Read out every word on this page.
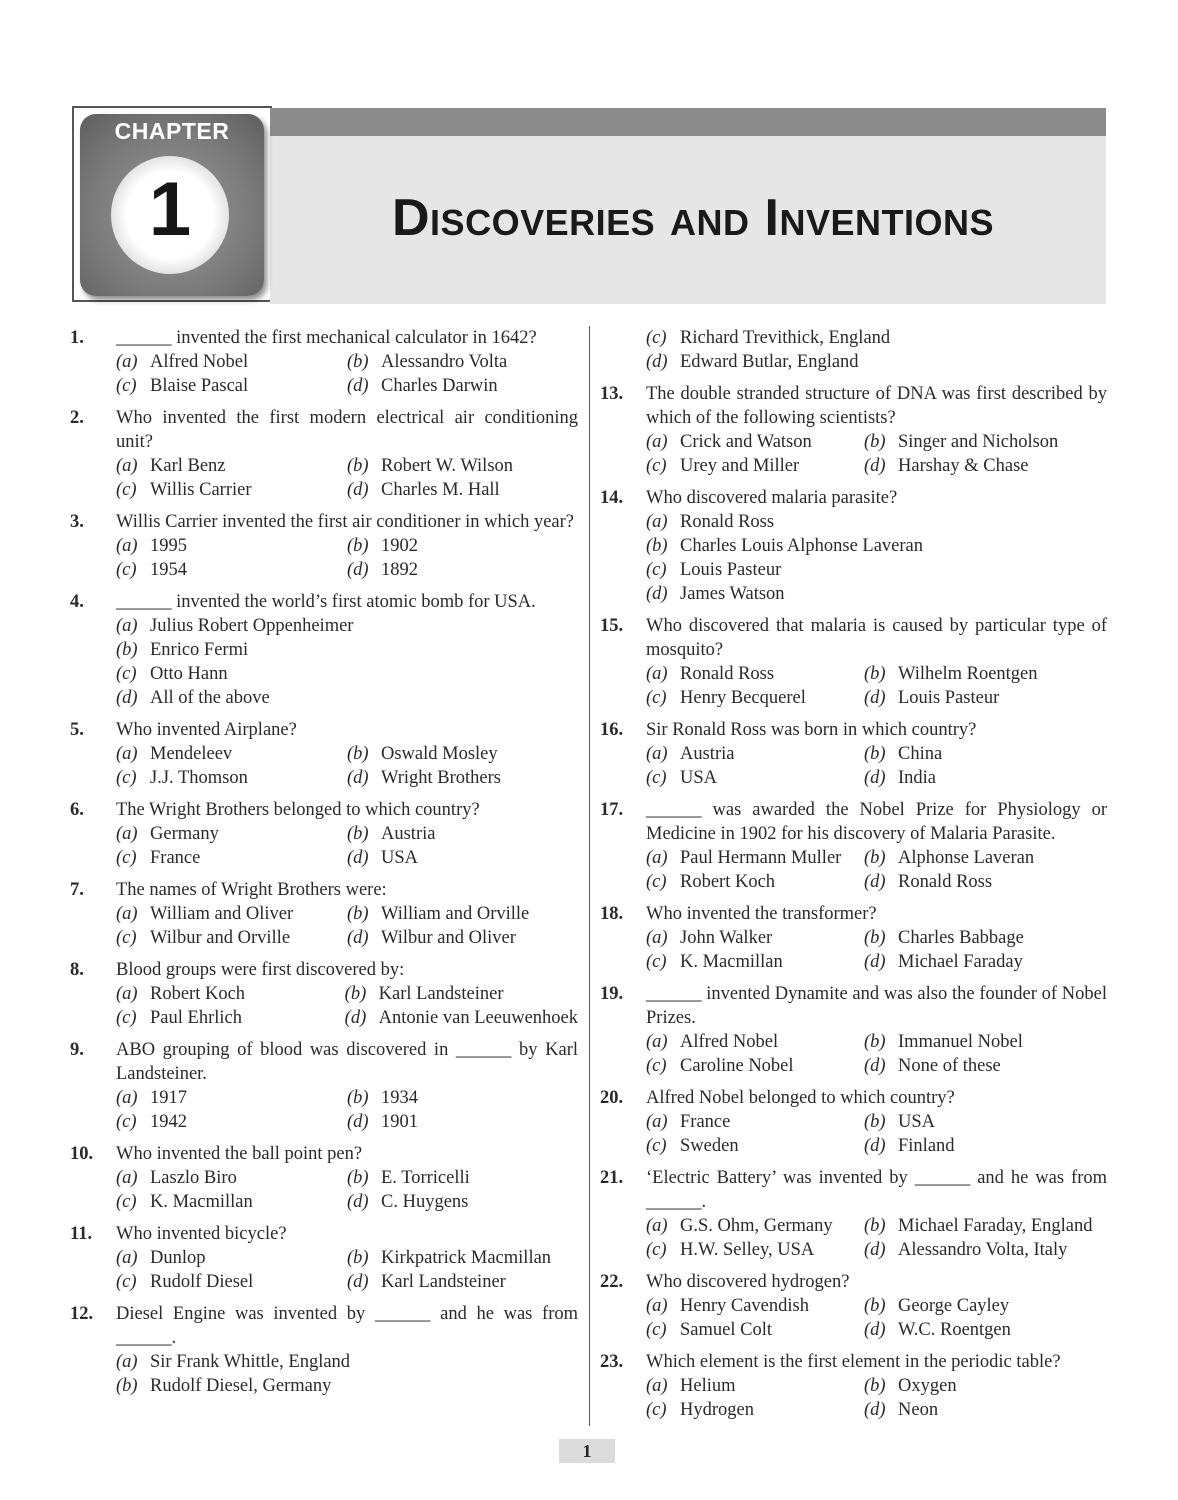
CHAPTER
1	Discoveries and Inventions
1.	______ invented the first mechanical calculator in 1642?
(a) Alfred Nobel	(b) Alessandro Volta
(c) Blaise Pascal	(d) Charles Darwin
2.	Who invented the first modern electrical air conditioning unit?
(a) Karl Benz	(b) Robert W. Wilson
(c) Willis Carrier	(d) Charles M. Hall
3.	Willis Carrier invented the first air conditioner in which year?
(a) 1995	(b) 1902
(c) 1954	(d) 1892
4.	______ invented the world’s first atomic bomb for USA.
(a) Julius Robert Oppenheimer
(b) Enrico Fermi
(c) Otto Hann
(d) All of the above
5.	Who invented Airplane?
(a) Mendeleev	(b) Oswald Mosley
(c) J.J. Thomson	(d) Wright Brothers
6.	The Wright Brothers belonged to which country?
(a) Germany	(b) Austria
(c) France	(d) USA
7.	The names of Wright Brothers were:
(a) William and Oliver	(b) William and Orville
(c) Wilbur and Orville	(d) Wilbur and Oliver
8.	Blood groups were first discovered by:
(a) Robert Koch	(b) Karl Landsteiner
(c) Paul Ehrlich	(d) Antonie van Leeuwenhoek
9.	ABO grouping of blood was discovered in ______ by Karl Landsteiner.
(a) 1917	(b) 1934
(c) 1942	(d) 1901
10.	Who invented the ball point pen?
(a) Laszlo Biro	(b) E. Torricelli
(c) K. Macmillan	(d) C. Huygens
11.	Who invented bicycle?
(a) Dunlop	(b) Kirkpatrick Macmillan
(c) Rudolf Diesel	(d) Karl Landsteiner
12.	Diesel Engine was invented by ______ and he was from ______.
(a) Sir Frank Whittle, England
(b) Rudolf Diesel, Germany
(c) Richard Trevithick, England
(d) Edward Butlar, England
13.	The double stranded structure of DNA was first described by which of the following scientists?
(a) Crick and Watson	(b) Singer and Nicholson
(c) Urey and Miller	(d) Harshay & Chase
14.	Who discovered malaria parasite?
(a) Ronald Ross
(b) Charles Louis Alphonse Laveran
(c) Louis Pasteur
(d) James Watson
15.	Who discovered that malaria is caused by particular type of mosquito?
(a) Ronald Ross	(b) Wilhelm Roentgen
(c) Henry Becquerel	(d) Louis Pasteur
16.	Sir Ronald Ross was born in which country?
(a) Austria	(b) China
(c) USA	(d) India
17.	______ was awarded the Nobel Prize for Physiology or Medicine in 1902 for his discovery of Malaria Parasite.
(a) Paul Hermann Muller	(b) Alphonse Laveran
(c) Robert Koch	(d) Ronald Ross
18.	Who invented the transformer?
(a) John Walker	(b) Charles Babbage
(c) K. Macmillan	(d) Michael Faraday
19.	______ invented Dynamite and was also the founder of Nobel Prizes.
(a) Alfred Nobel	(b) Immanuel Nobel
(c) Caroline Nobel	(d) None of these
20.	Alfred Nobel belonged to which country?
(a) France	(b) USA
(c) Sweden	(d) Finland
21.	‘Electric Battery’ was invented by ______ and he was from ______.
(a) G.S. Ohm, Germany	(b) Michael Faraday, England
(c) H.W. Selley, USA	(d) Alessandro Volta, Italy
22.	Who discovered hydrogen?
(a) Henry Cavendish	(b) George Cayley
(c) Samuel Colt	(d) W.C. Roentgen
23.	Which element is the first element in the periodic table?
(a) Helium	(b) Oxygen
(c) Hydrogen	(d) Neon
1
